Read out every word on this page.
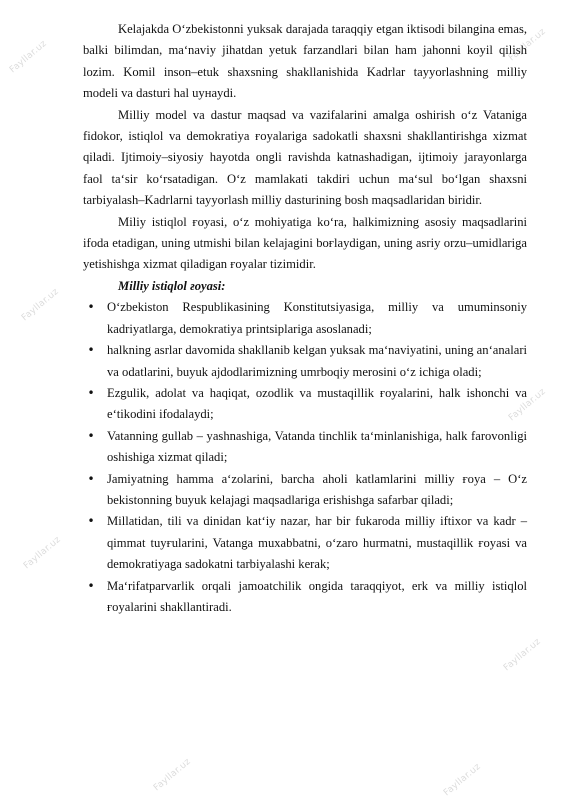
Fayllar.uz	Fayllar.uz
Fayllar.uz
Fayllar.uz
Fayllar.uz
Fayllar.uz
Fayllar.uz	Fayllar.uz

Kelajakda O‘zbekistonni yuksak darajada taraqqiy etgan iktisodi bilangina emas, balki bilimdan, ma‘naviy jihatdan yetuk farzandlari bilan ham jahonni koyil qilish lozim. Komil inson–etuk shaxsning shakllanishida Kadrlar tayyorlashning milliy modeli va dasturi hal uyнaydi.

Milliy model va dastur maqsad va vazifalarini amalga oshirish o‘z Vataniga fidokor, istiqlol va demokratiya ғoyalariga sadokatli shaxsni shakllantirishga xizmat qiladi. Ijtimoiy–siyosiy hayotda ongli ravishda katnashadigan, ijtimoiy jarayonlarga faol ta‘sir ko‘rsatadigan. O‘z mamlakati takdiri uchun ma‘sul bo‘lgan shaxsni tarbiyalash–Kadrlarni tayyorlash milliy dasturining bosh maqsadlaridan biridir.

Miliy istiqlol ғoyasi, o‘z mohiyatiga ko‘ra, halkimizning asosiy maqsadlarini ifoda etadigan, uning utmishi bilan kelajagini boғlaydigan, uning asriy orzu–umidlariga yetishishga xizmat qiladigan ғoyalar tizimidir.

Milliy istiqlol ғoyasi:

• O‘zbekiston Respublikasining Konstitutsiyasiga, milliy va umuminsoniy kadriyatlarga, demokratiya printsiplariga asoslanadi;
• halkning asrlar davomida shakllanib kelgan yuksak ma‘naviyatini, uning an‘analari va odatlarini, buyuk ajdodlarimizning umrboqiy merosini o‘z ichiga oladi;
• Ezgulik, adolat va haqiqat, ozodlik va mustaqillik ғoyalarini, halk ishonchi va e‘tikodini ifodalaydi;
• Vatanning gullab – yashnashiga, Vatanda tinchlik ta‘minlanishiga, halk farovonligi oshishiga xizmat qiladi;
• Jamiyatning hamma a‘zolarini, barcha aholi katlamlarini milliy ғoya – O‘z bekistonning buyuk kelajagi maqsadlariga erishishga safarbar qiladi;
• Millatidan, tili va dinidan kat‘iy nazar, har bir fukaroda milliy iftixor va kadr – qimmat tuyғularini, Vatanga muxabbatni, o‘zaro hurmatni, mustaqillik ғoyasi va demokratiyaga sadokatni tarbiyalashi kerak;
• Ma‘rifatparvarlik orqali jamoatchilik ongida taraqqiyot, erk va milliy istiqlol ғoyalarini shakllantiradi.
